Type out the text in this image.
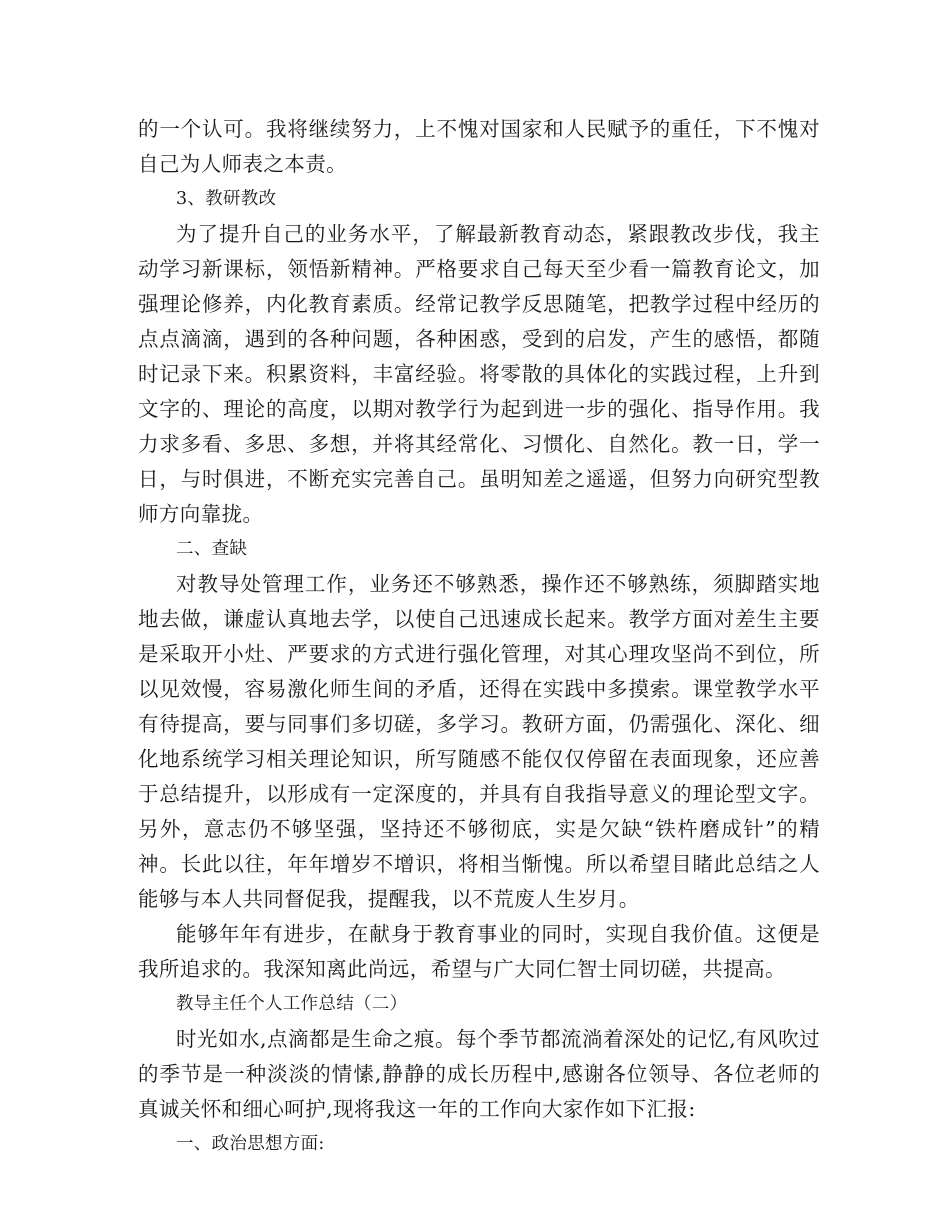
的一个认可。我将继续努力，上不愧对国家和人民赋予的重任，下不愧对自己为人师表之本责。

3、教研教改

为了提升自己的业务水平，了解最新教育动态，紧跟教改步伐，我主动学习新课标，领悟新精神。严格要求自己每天至少看一篇教育论文，加强理论修养，内化教育素质。经常记教学反思随笔，把教学过程中经历的点点滴滴，遇到的各种问题，各种困惑，受到的启发，产生的感悟，都随时记录下来。积累资料，丰富经验。将零散的具体化的实践过程，上升到文字的、理论的高度，以期对教学行为起到进一步的强化、指导作用。我力求多看、多思、多想，并将其经常化、习惯化、自然化。教一日，学一日，与时俱进，不断充实完善自己。虽明知差之遥遥，但努力向研究型教师方向靠拢。

二、查缺

对教导处管理工作，业务还不够熟悉，操作还不够熟练，须脚踏实地地去做，谦虚认真地去学，以使自己迅速成长起来。教学方面对差生主要是采取开小灶、严要求的方式进行强化管理，对其心理攻坚尚不到位，所以见效慢，容易激化师生间的矛盾，还得在实践中多摸索。课堂教学水平有待提高，要与同事们多切磋，多学习。教研方面，仍需强化、深化、细化地系统学习相关理论知识，所写随感不能仅仅停留在表面现象，还应善于总结提升，以形成有一定深度的，并具有自我指导意义的理论型文字。另外，意志仍不够坚强，坚持还不够彻底，实是欠缺“铁杵磨成针”的精神。长此以往，年年增岁不增识，将相当惭愧。所以希望目睹此总结之人能够与本人共同督促我，提醒我，以不荒废人生岁月。

能够年年有进步，在献身于教育事业的同时，实现自我价值。这便是我所追求的。我深知离此尚远，希望与广大同仁智士同切磋，共提高。

教导主任个人工作总结（二）

时光如水,点滴都是生命之痕。每个季节都流淌着深处的记忆,有风吹过的季节是一种淡淡的情愫,静静的成长历程中,感谢各位领导、各位老师的真诚关怀和细心呵护,现将我这一年的工作向大家作如下汇报:

一、政治思想方面:
